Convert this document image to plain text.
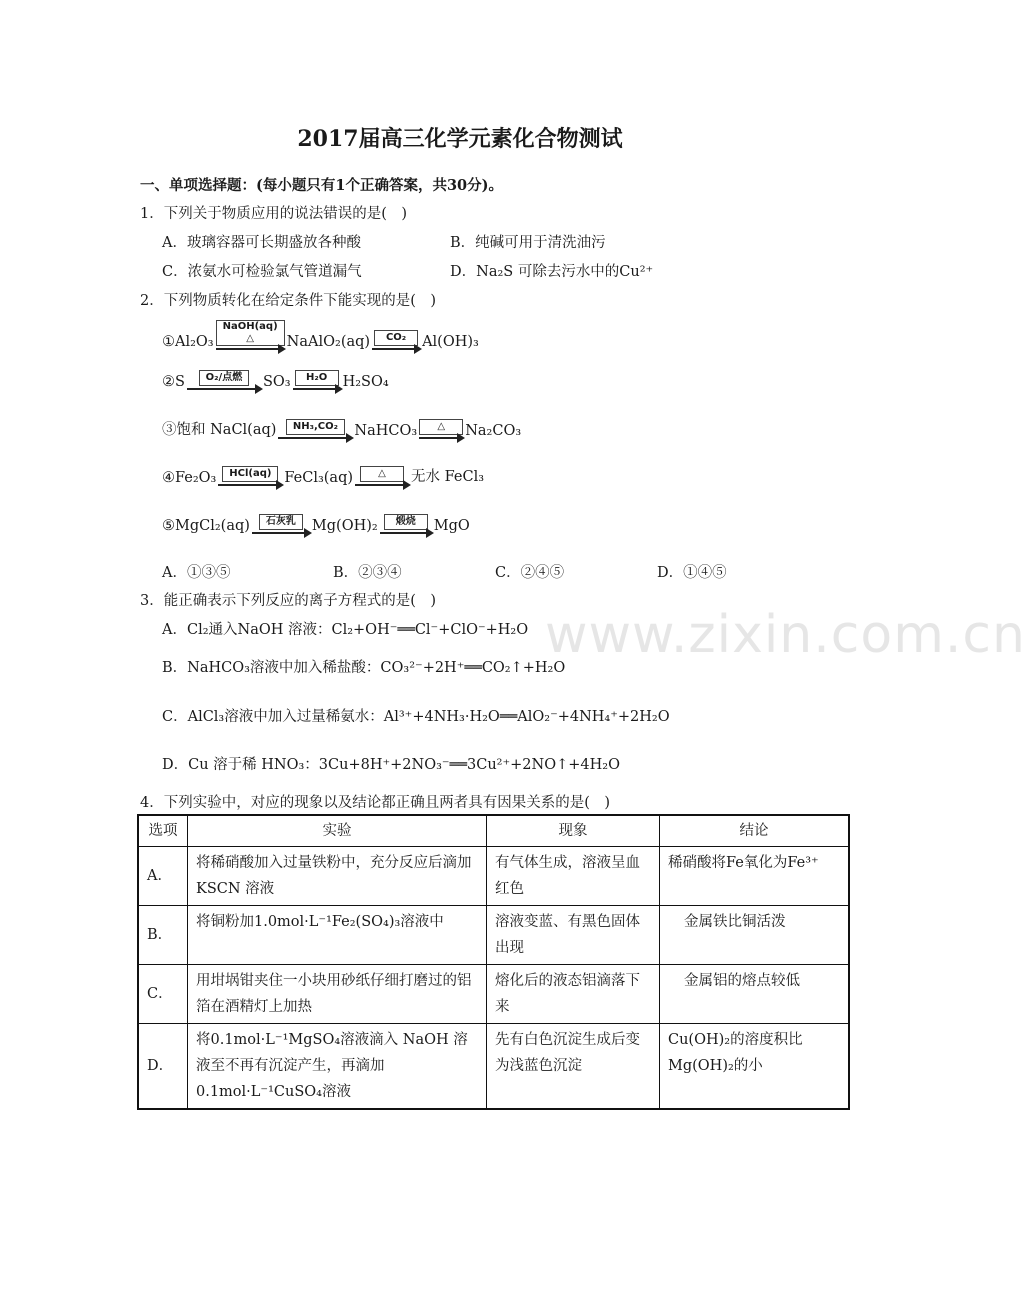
www.zixin.com.cn
2017届高三化学元素化合物测试
一、单项选择题：(每小题只有1个正确答案，共30分)。
1．下列关于物质应用的说法错误的是(　)
A．玻璃容器可长期盛放各种酸	B．纯碱可用于清洗油污
C．浓氨水可检验氯气管道漏气	D．Na₂S 可除去污水中的Cu²⁺
2．下列物质转化在给定条件下能实现的是(　)
①Al₂O₃
NaOH(aq)
△	NaAlO₂(aq)	CO₂	Al(OH)₃
②S	O₂/点燃	SO₃	H₂O	H₂SO₄
③饱和 NaCl(aq)	NH₃,CO₂	NaHCO₃	△	Na₂CO₃
④Fe₂O₃	HCl(aq) FeCl₃(aq)	△	无水 FeCl₃
⑤MgCl₂(aq)	石灰乳	Mg(OH)₂	煅烧	MgO
A．①③⑤	B．②③④	C．②④⑤	D．①④⑤
3．能正确表示下列反应的离子方程式的是(　)
A．Cl₂通入NaOH 溶液：Cl₂+OH⁻══Cl⁻+ClO⁻+H₂O
B．NaHCO₃溶液中加入稀盐酸：CO₃²⁻+2H⁺══CO₂↑+H₂O
C．AlCl₃溶液中加入过量稀氨水：Al³⁺+4NH₃·H₂O══AlO₂⁻+4NH₄⁺+2H₂O
D．Cu 溶于稀 HNO₃：3Cu+8H⁺+2NO₃⁻══3Cu²⁺+2NO↑+4H₂O
4．下列实验中，对应的现象以及结论都正确且两者具有因果关系的是(　)
选项	实验	现象	结论
A．	将稀硝酸加入过量铁粉中，充分反应后滴加KSCN 溶液	有气体生成，溶液呈血红色	稀硝酸将Fe氧化为Fe³⁺
B．	将铜粉加1.0mol·L⁻¹Fe₂(SO₄)₃溶液中	溶液变蓝、有黑色固体出现	金属铁比铜活泼
C．	用坩埚钳夹住一小块用砂纸仔细打磨过的铝箔在酒精灯上加热	熔化后的液态铝滴落下来	金属铝的熔点较低
D．	将0.1mol·L⁻¹MgSO₄溶液滴入 NaOH 溶液至不再有沉淀产生，再滴加0.1mol·L⁻¹CuSO₄溶液	先有白色沉淀生成后变为浅蓝色沉淀	Cu(OH)₂的溶度积比Mg(OH)₂的小
